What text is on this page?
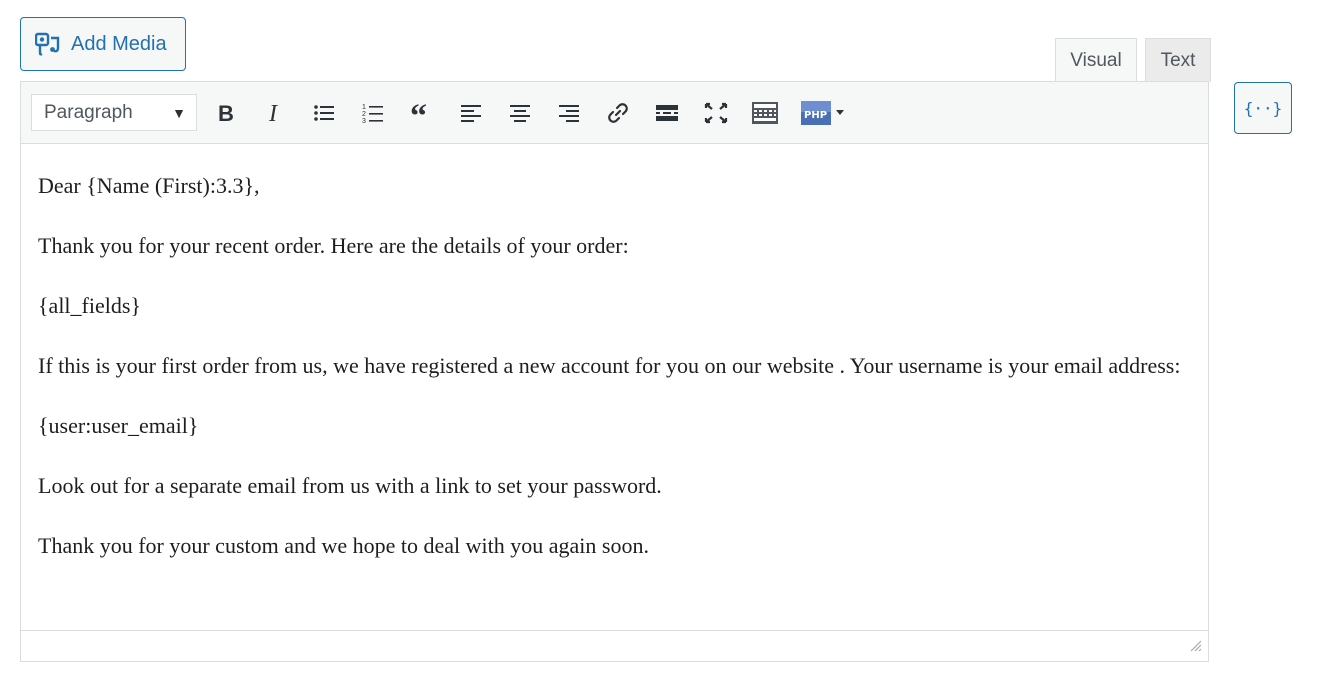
Add Media
Visual	Text
Paragraph	▼ B I	1
2
3 “	PHP

Dear {Name (First):3.3},

Thank you for your recent order. Here are the details of your order:

{all_fields}

If this is your first order from us, we have registered a new account for you on our website . Your username is your email address:

{user:user_email}

Look out for a separate email from us with a link to set your password.

Thank you for your custom and we hope to deal with you again soon.

{··}
